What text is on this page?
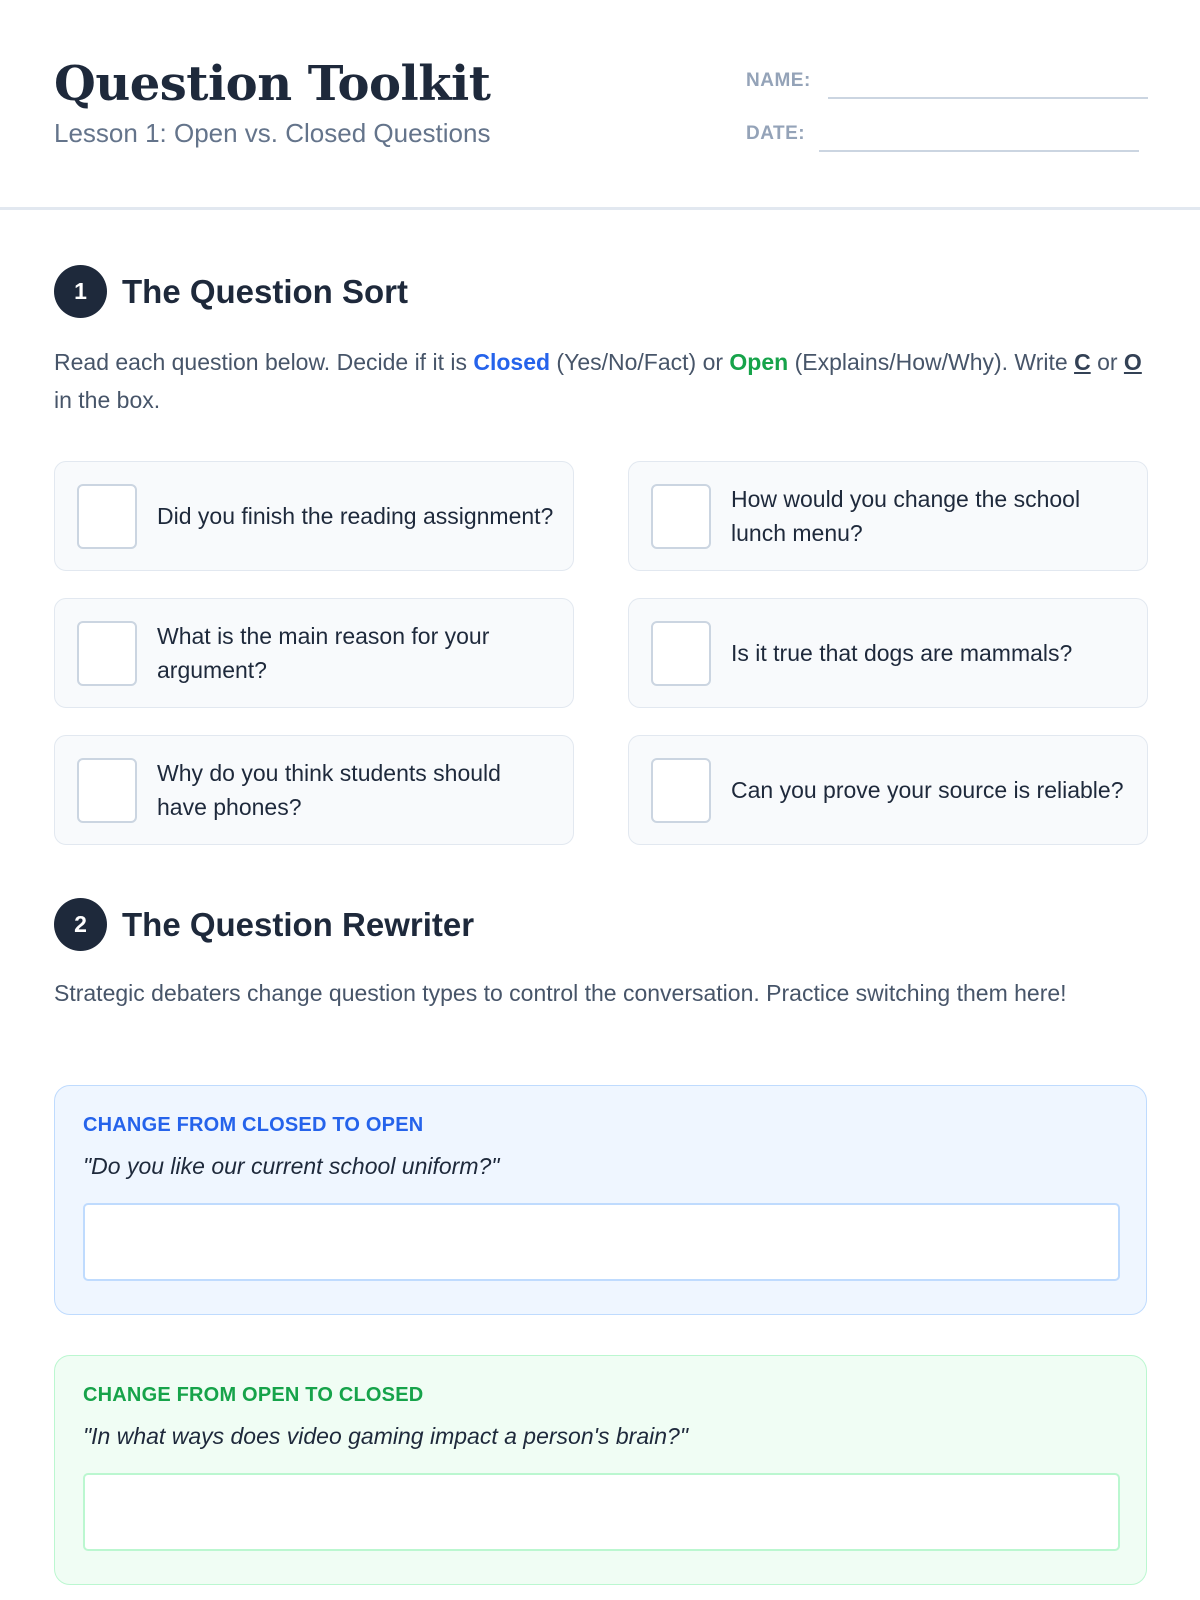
Question Toolkit
Lesson 1: Open vs. Closed Questions
NAME:
DATE:
1	The Question Sort
Read each question below. Decide if it is Closed (Yes/No/Fact) or Open (Explains/How/Why). Write C or O in the box.
Did you finish the reading assignment?
How would you change the school lunch menu?
What is the main reason for your argument?
Is it true that dogs are mammals?
Why do you think students should have phones?
Can you prove your source is reliable?
2	The Question Rewriter
Strategic debaters change question types to control the conversation. Practice switching them here!
CHANGE FROM CLOSED TO OPEN
"Do you like our current school uniform?"
CHANGE FROM OPEN TO CLOSED
"In what ways does video gaming impact a person's brain?"
